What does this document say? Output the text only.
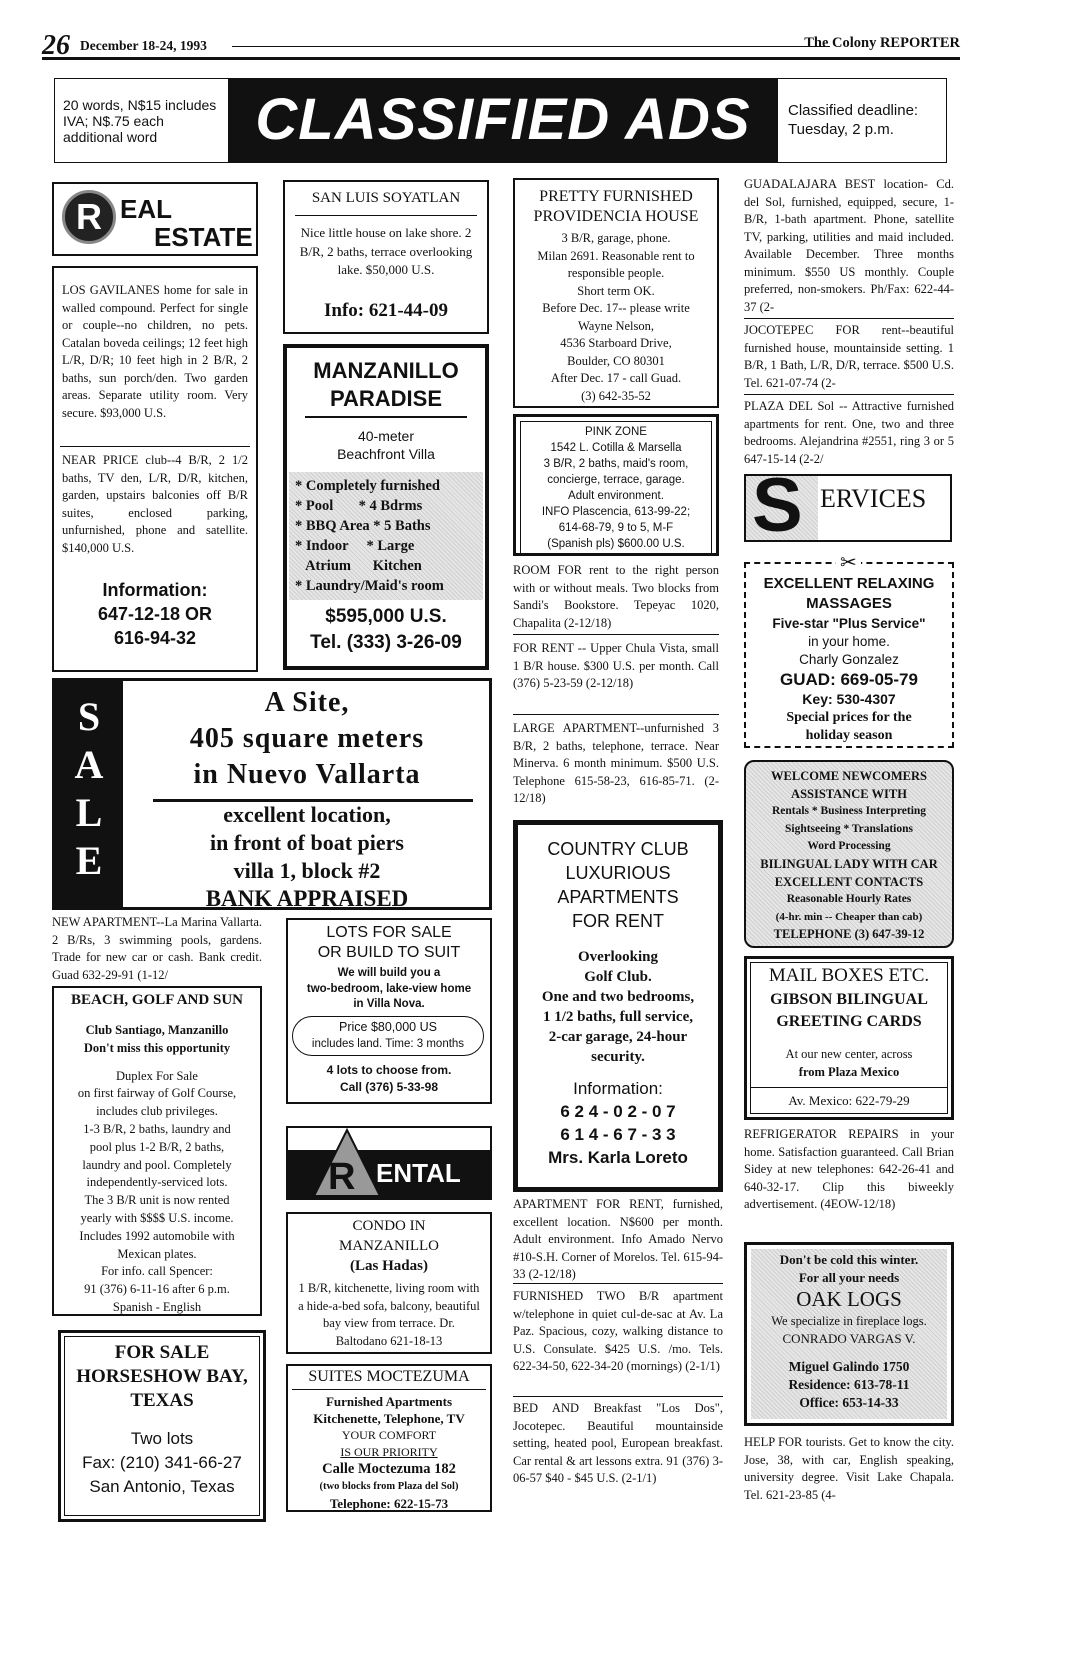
26 December 18-24, 1993	The Colony REPORTER
20 words, N$15 includes IVA; N$.75 each additional word	CLASSIFIED ADS	Classified deadline: Tuesday, 2 p.m.
R EAL
ESTATE
LOS GAVILANES home for sale in walled compound. Perfect for single or couple--no children, no pets. Catalan boveda ceilings; 12 feet high L/R, D/R; 10 feet high in 2 B/R, 2 baths, sun porch/den. Two garden areas. Separate utility room. Very secure. $93,000 U.S.
NEAR PRICE club--4 B/R, 2 1/2 baths, TV den, L/R, D/R, kitchen, garden, upstairs balconies off B/R suites, enclosed parking, unfurnished, phone and satellite. $140,000 U.S.
Information:
647-12-18 OR
616-94-32
SAN LUIS SOYATLAN
Nice little house on lake shore. 2 B/R, 2 baths, terrace overlooking lake. $50,000 U.S.
Info: 621-44-09
MANZANILLO
PARADISE
40-meter
Beachfront Villa
* Completely furnished
* Pool       * 4 Bdrms
* BBQ Area * 5 Baths
* Indoor     * Large
Atrium      Kitchen
* Laundry/Maid's room
$595,000 U.S.
Tel. (333) 3-26-09
PRETTY FURNISHED
PROVIDENCIA HOUSE
3 B/R, garage, phone.
Milan 2691. Reasonable rent to
responsible people.
Short term OK.
Before Dec. 17-- please write
Wayne Nelson,
4536 Starboard Drive,
Boulder, CO 80301
After Dec. 17 - call Guad.
(3) 642-35-52
PINK ZONE
1542 L. Cotilla & Marsella
3 B/R, 2 baths, maid's room,
concierge, terrace, garage.
Adult environment.
INFO Plascencia, 613-99-22;
614-68-79, 9 to 5, M-F
(Spanish pls) $600.00 U.S.
ROOM FOR rent to the right person with or without meals. Two blocks from Sandi's Bookstore. Tepeyac 1020, Chapalita (2-12/18)
FOR RENT -- Upper Chula Vista, small 1 B/R house. $300 U.S. per month. Call (376) 5-23-59 (2-12/18)
LARGE APARTMENT--unfurnished 3 B/R, 2 baths, telephone, terrace. Near Minerva. 6 month minimum. $500 U.S. Telephone 615-58-23, 616-85-71. (2-12/18)
GUADALAJARA BEST location- Cd. del Sol, furnished, equipped, secure, 1-B/R, 1-bath apartment. Phone, satellite TV, parking, utilities and maid included. Available December. Three months minimum. $550 US monthly. Couple preferred, non-smokers. Ph/Fax: 622-44-37 (2-
JOCOTEPEC FOR rent--beautiful furnished house, mountainside setting. 1 B/R, 1 Bath, L/R, D/R, terrace. $500 U.S. Tel. 621-07-74 (2-
PLAZA DEL Sol -- Attractive furnished apartments for rent. One, two and three bedrooms. Alejandrina #2551, ring 3 or 5 647-15-14 (2-2/
S ERVICES
✂
EXCELLENT RELAXING
MASSAGES
Five-star "Plus Service"
in your home.
Charly Gonzalez
GUAD: 669-05-79
Key: 530-4307
Special prices for the
holiday season
S
A
L
E
A Site,
405 square meters
in Nuevo Vallarta
excellent location,
in front of boat piers
villa 1, block #2
BANK APPRAISED
NEW APARTMENT--La Marina Vallarta. 2 B/Rs, 3 swimming pools, gardens. Trade for new car or cash. Bank credit. Guad 632-29-91 (1-12/
BEACH, GOLF AND SUN
Club Santiago, Manzanillo
Don't miss this opportunity
Duplex For Sale
on first fairway of Golf Course,
includes club privileges.
1-3 B/R, 2 baths, laundry and
pool plus 1-2 B/R, 2 baths,
laundry and pool. Completely
independently-serviced lots.
The 3 B/R unit is now rented
yearly with $$$$ U.S. income.
Includes 1992 automobile with
Mexican plates.
For info. call Spencer:
91 (376) 6-11-16 after 6 p.m.
Spanish - English
FOR SALE
HORSESHOW BAY,
TEXAS
Two lots
Fax: (210) 341-66-27
San Antonio, Texas
LOTS FOR SALE
OR BUILD TO SUIT
We will build you a
two-bedroom, lake-view home
in Villa Nova.
Price $80,000 US
includes land. Time: 3 months
4 lots to choose from.
Call (376) 5-33-98
R ENTAL
CONDO IN
MANZANILLO
(Las Hadas)
1 B/R, kitchenette, living room with a hide-a-bed sofa, balcony, beautiful bay view from terrace. Dr. Baltodano 621-18-13
SUITES MOCTEZUMA
Furnished Apartments
Kitchenette, Telephone, TV
YOUR COMFORT
IS OUR PRIORITY
Calle Moctezuma 182
(two blocks from Plaza del Sol)
Telephone: 622-15-73
COUNTRY CLUB
LUXURIOUS
APARTMENTS
FOR RENT
Overlooking
Golf Club.
One and two bedrooms,
1 1/2 baths, full service,
2-car garage, 24-hour
security.
Information:
6 2 4 - 0 2 - 0 7
6 1 4 - 6 7 - 3 3
Mrs. Karla Loreto
APARTMENT FOR RENT, furnished, excellent location. N$600 per month. Adult environment. Info Amado Nervo #10-S.H. Corner of Morelos. Tel. 615-94-33 (2-12/18)
FURNISHED TWO B/R apartment w/telephone in quiet cul-de-sac at Av. La Paz. Spacious, cozy, walking distance to U.S. Consulate. $425 U.S. /mo. Tels. 622-34-50, 622-34-20 (mornings) (2-1/1)
BED AND Breakfast "Los Dos", Jocotepec. Beautiful mountainside setting, heated pool, European breakfast. Car rental & art lessons extra. 91 (376) 3-06-57 $40 - $45 U.S. (2-1/1)
WELCOME NEWCOMERS
ASSISTANCE WITH
Rentals * Business Interpreting
Sightseeing * Translations
Word Processing
BILINGUAL LADY WITH CAR
EXCELLENT CONTACTS
Reasonable Hourly Rates
(4-hr. min -- Cheaper than cab)
TELEPHONE (3) 647-39-12
MAIL BOXES ETC.
GIBSON BILINGUAL
GREETING CARDS
At our new center, across
from Plaza Mexico
Av. Mexico: 622-79-29
REFRIGERATOR REPAIRS in your home. Satisfaction guaranteed. Call Brian Sidey at new telephones: 642-26-41 and 640-32-17. Clip this biweekly advertisement. (4EOW-12/18)
Don't be cold this winter.
For all your needs
OAK LOGS
We specialize in fireplace logs.
CONRADO VARGAS V.
Miguel Galindo 1750
Residence: 613-78-11
Office: 653-14-33
HELP FOR tourists. Get to know the city. Jose, 38, with car, English speaking, university degree. Visit Lake Chapala. Tel. 621-23-85 (4-
